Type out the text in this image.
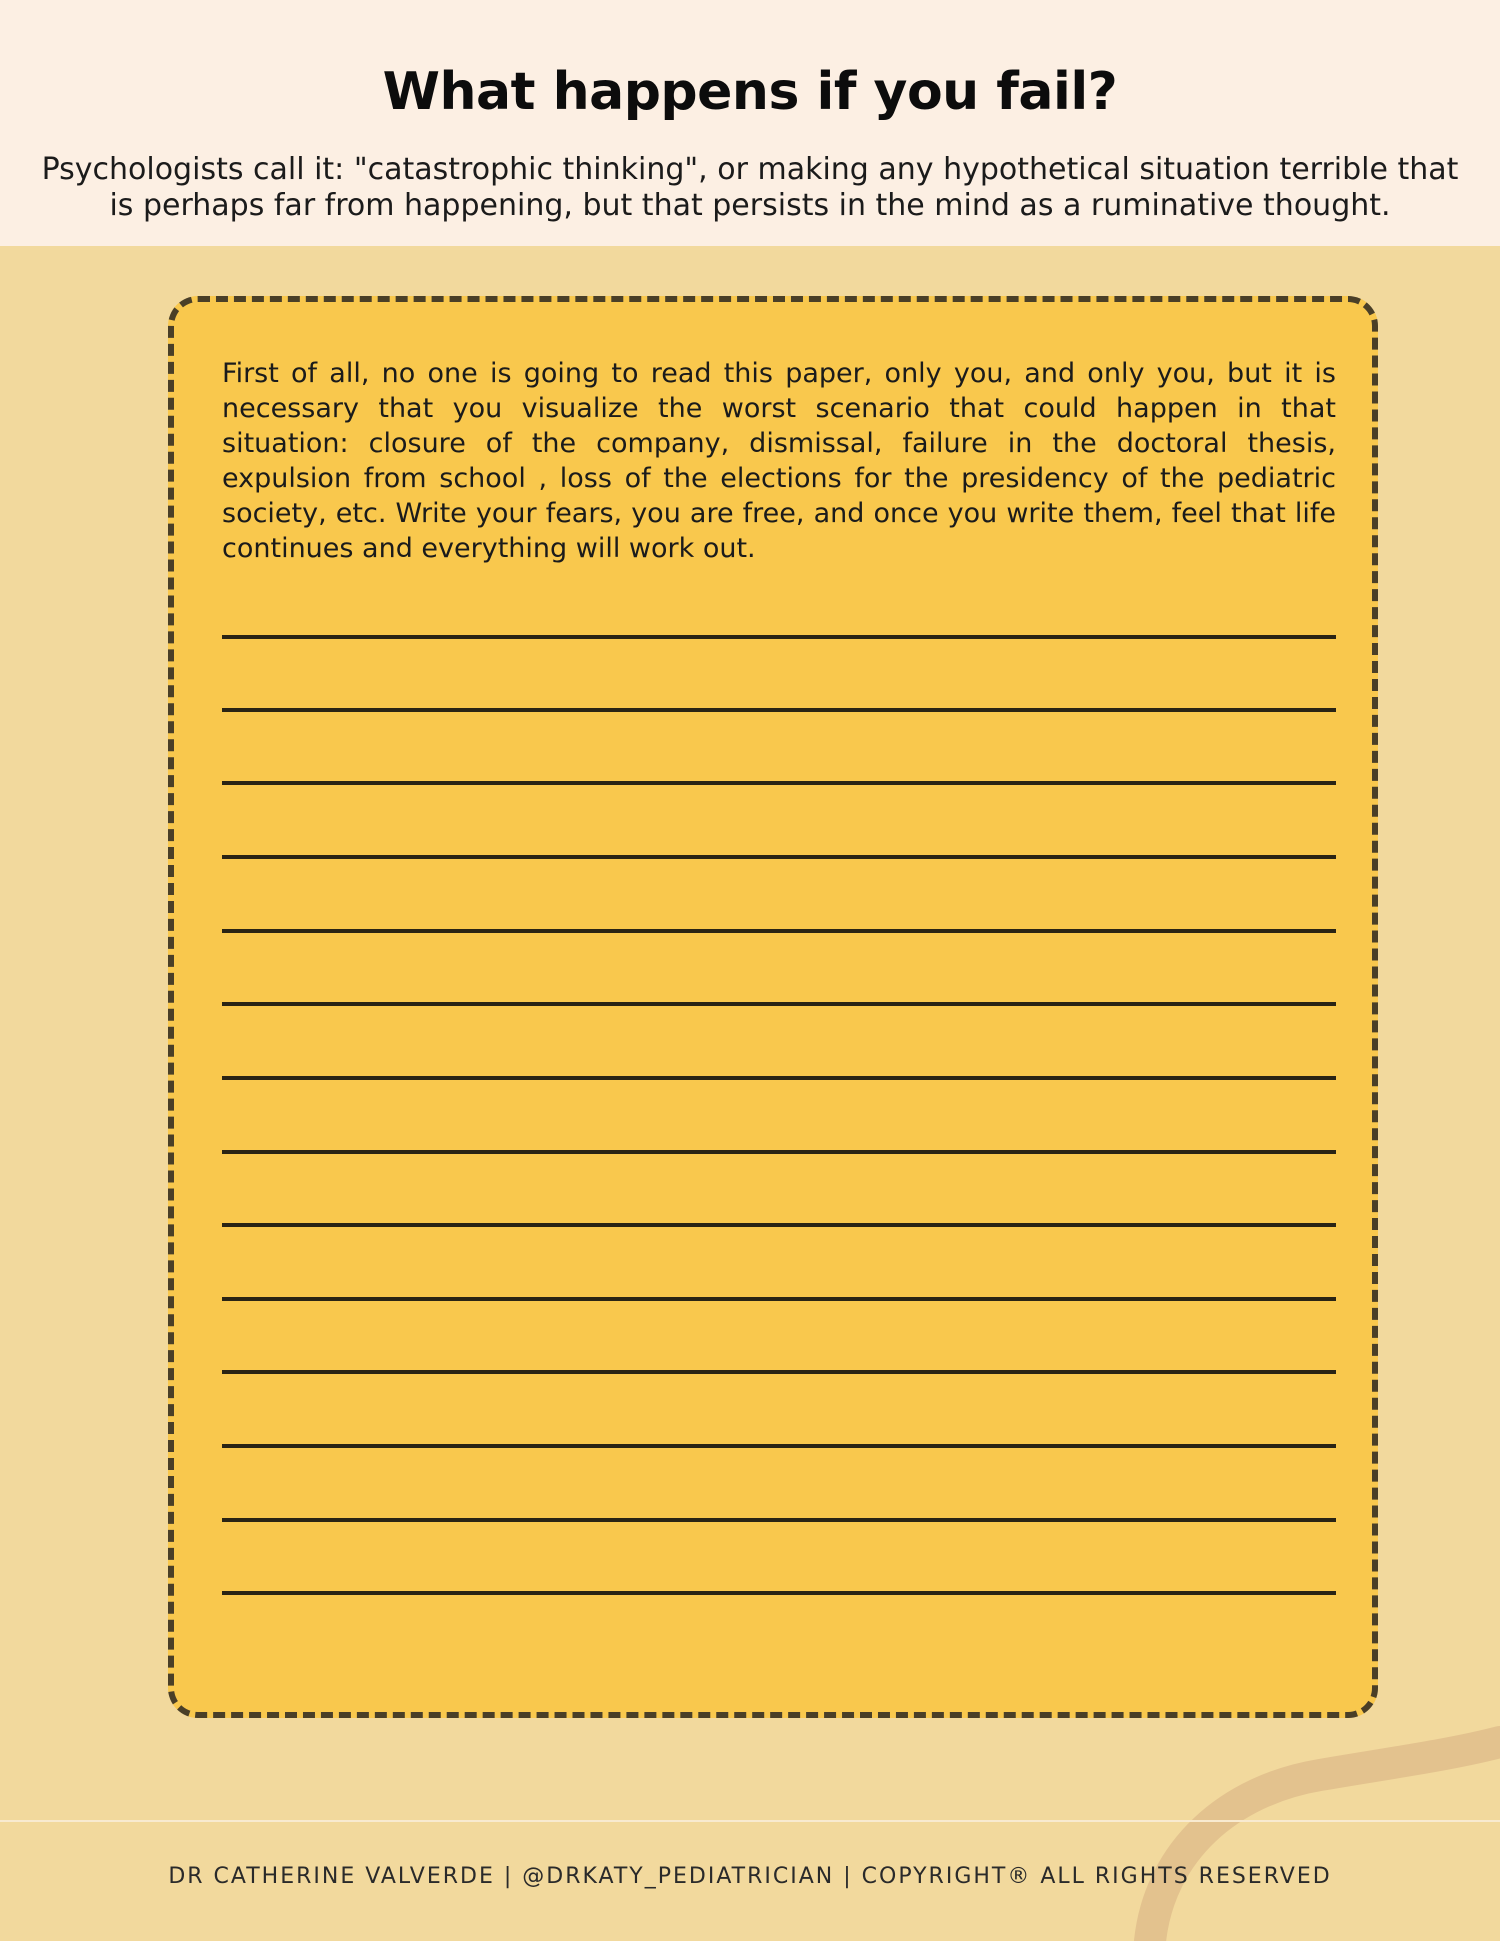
What happens if you fail?

Psychologists call it: "catastrophic thinking", or making any hypothetical situation terrible that is perhaps far from happening, but that persists in the mind as a ruminative thought.

First of all, no one is going to read this paper, only you, and only you, but it is necessary that you visualize the worst scenario that could happen in that situation: closure of the company, dismissal, failure in the doctoral thesis, expulsion from school , loss of the elections for the presidency of the pediatric society, etc. Write your fears, you are free, and once you write them, feel that life continues and everything will work out.

DR CATHERINE VALVERDE | @DRKATY_PEDIATRICIAN | COPYRIGHT® ALL RIGHTS RESERVED
